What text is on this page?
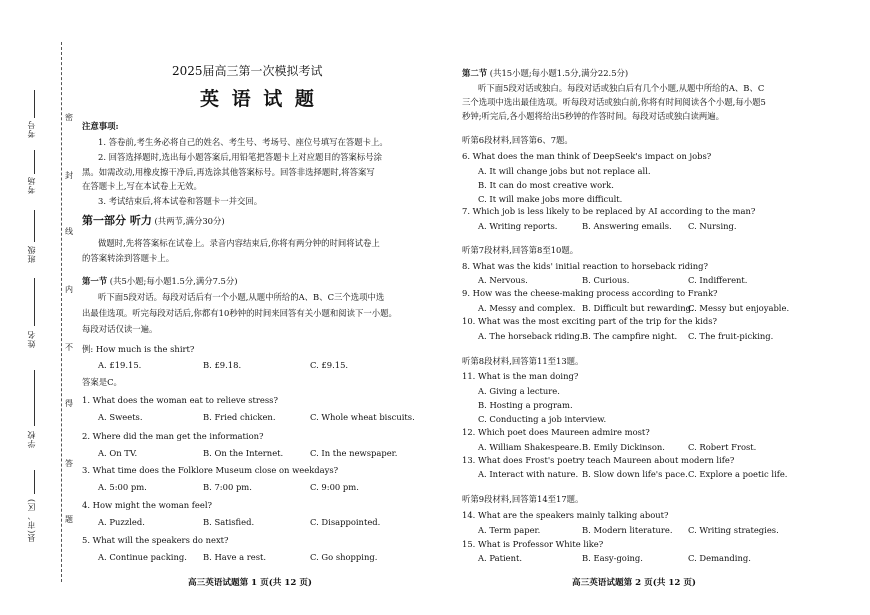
密
封
线
内
不
得
答
题
考号
考场
班级
姓名
学校
县(市、区)
2025届高三第一次模拟考试
英 语 试 题
注意事项:
1. 答卷前,考生务必将自己的姓名、考生号、考场号、座位号填写在答题卡上。
2. 回答选择题时,选出每小题答案后,用铅笔把答题卡上对应题目的答案标号涂
黑。如需改动,用橡皮擦干净后,再选涂其他答案标号。回答非选择题时,将答案写
在答题卡上,写在本试卷上无效。
3. 考试结束后,将本试卷和答题卡一并交回。
第一部分 听力 (共两节,满分30分)
做题时,先将答案标在试卷上。录音内容结束后,你将有两分钟的时间将试卷上
的答案转涂到答题卡上。
第一节 (共5小题;每小题1.5分,满分7.5分)
听下面5段对话。每段对话后有一个小题,从题中所给的A、B、C三个选项中选
出最佳选项。听完每段对话后,你都有10秒钟的时间来回答有关小题和阅读下一小题。
每段对话仅读一遍。
例: How much is the shirt?
A. £19.15.	B. £9.18.	C. £9.15.
答案是C。
1. What does the woman eat to relieve stress?
A. Sweets.	B. Fried chicken.	C. Whole wheat biscuits.
2. Where did the man get the information?
A. On TV.	B. On the Internet.	C. In the newspaper.
3. What time does the Folklore Museum close on weekdays?
A. 5:00 pm.	B. 7:00 pm.	C. 9:00 pm.
4. How might the woman feel?
A. Puzzled.	B. Satisfied.	C. Disappointed.
5. What will the speakers do next?
A. Continue packing. B. Have a rest.	C. Go shopping.
高三英语试题第 1 页(共 12 页)
第二节 (共15小题;每小题1.5分,满分22.5分)
听下面5段对话或独白。每段对话或独白后有几个小题,从题中所给的A、B、C
三个选项中选出最佳选项。听每段对话或独白前,你将有时间阅读各个小题,每小题5
秒钟;听完后,各小题将给出5秒钟的作答时间。每段对话或独白读两遍。
听第6段材料,回答第6、7题。
6. What does the man think of DeepSeek's impact on jobs?
A. It will change jobs but not replace all.
B. It can do most creative work.
C. It will make jobs more difficult.
7. Which job is less likely to be replaced by AI according to the man?
A. Writing reports.	B. Answering emails. C. Nursing.
听第7段材料,回答第8至10题。
8. What was the kids' initial reaction to horseback riding?
A. Nervous.	B. Curious.	C. Indifferent.
9. How was the cheese-making process according to Frank?
A. Messy and complex. B. Difficult but rewarding.
C. Messy but enjoyable.
10. What was the most exciting part of the trip for the kids?
A. The horseback riding. B. The campfire night. C. The fruit-picking.
听第8段材料,回答第11至13题。
11. What is the man doing?
A. Giving a lecture.
B. Hosting a program.
C. Conducting a job interview.
12. Which poet does Maureen admire most?
A. William Shakespeare. B. Emily Dickinson.	C. Robert Frost.
13. What does Frost's poetry teach Maureen about modern life?
A. Interact with nature. B. Slow down life's pace. C. Explore a poetic life.
听第9段材料,回答第14至17题。
14. What are the speakers mainly talking about?
A. Term paper.	B. Modern literature. C. Writing strategies.
15. What is Professor White like?
A. Patient.	B. Easy-going.	C. Demanding.
高三英语试题第 2 页(共 12 页)
